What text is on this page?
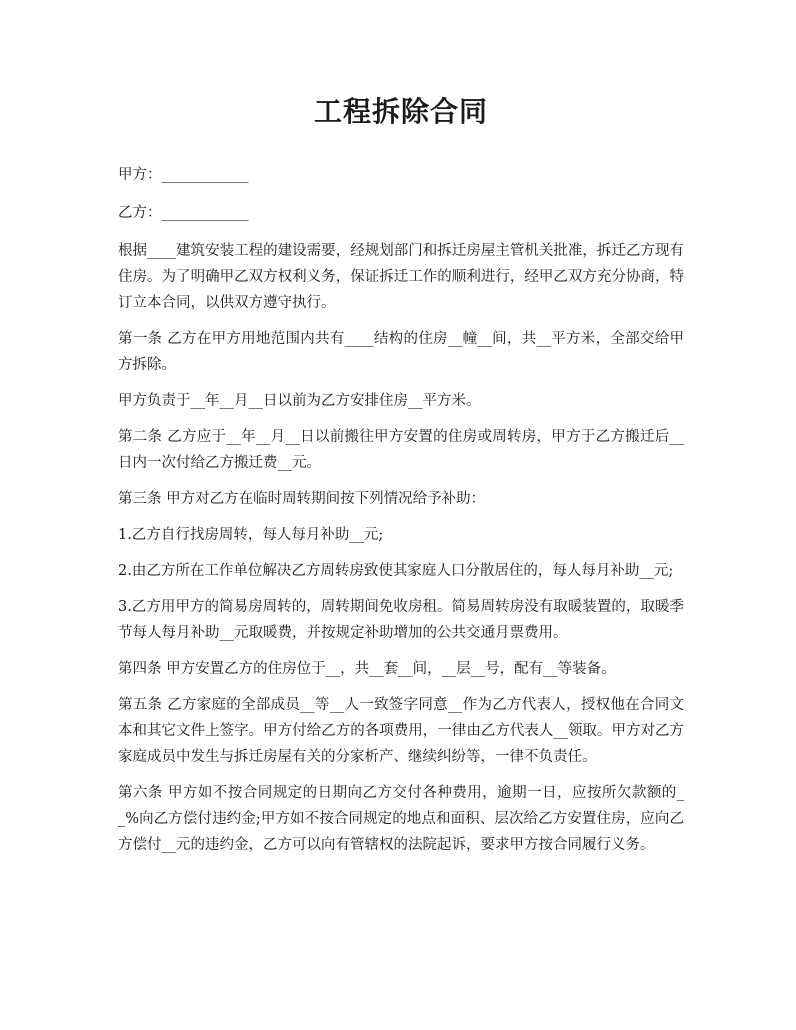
工程拆除合同

甲方：____________

乙方：____________

根据____建筑安装工程的建设需要，经规划部门和拆迁房屋主管机关批准，拆迁乙方现有住房。为了明确甲乙双方权利义务，保证拆迁工作的顺利进行，经甲乙双方充分协商，特订立本合同，以供双方遵守执行。

第一条 乙方在甲方用地范围内共有____结构的住房__幢__间，共__平方米，全部交给甲方拆除。

甲方负责于__年__月__日以前为乙方安排住房__平方米。

第二条 乙方应于__年__月__日以前搬往甲方安置的住房或周转房，甲方于乙方搬迁后__日内一次付给乙方搬迁费__元。

第三条 甲方对乙方在临时周转期间按下列情况给予补助：

1.乙方自行找房周转，每人每月补助__元;

2.由乙方所在工作单位解决乙方周转房致使其家庭人口分散居住的，每人每月补助__元;

3.乙方用甲方的简易房周转的，周转期间免收房租。简易周转房没有取暖装置的，取暖季节每人每月补助__元取暖费，并按规定补助增加的公共交通月票费用。

第四条 甲方安置乙方的住房位于__，共__套__间，__层__号，配有__等装备。

第五条 乙方家庭的全部成员__等__人一致签字同意__作为乙方代表人，授权他在合同文本和其它文件上签字。甲方付给乙方的各项费用，一律由乙方代表人__领取。甲方对乙方家庭成员中发生与拆迁房屋有关的分家析产、继续纠纷等，一律不负责任。

第六条 甲方如不按合同规定的日期向乙方交付各种费用，逾期一日，应按所欠款额的__%向乙方偿付违约金;甲方如不按合同规定的地点和面积、层次给乙方安置住房，应向乙方偿付__元的违约金，乙方可以向有管辖权的法院起诉，要求甲方按合同履行义务。
